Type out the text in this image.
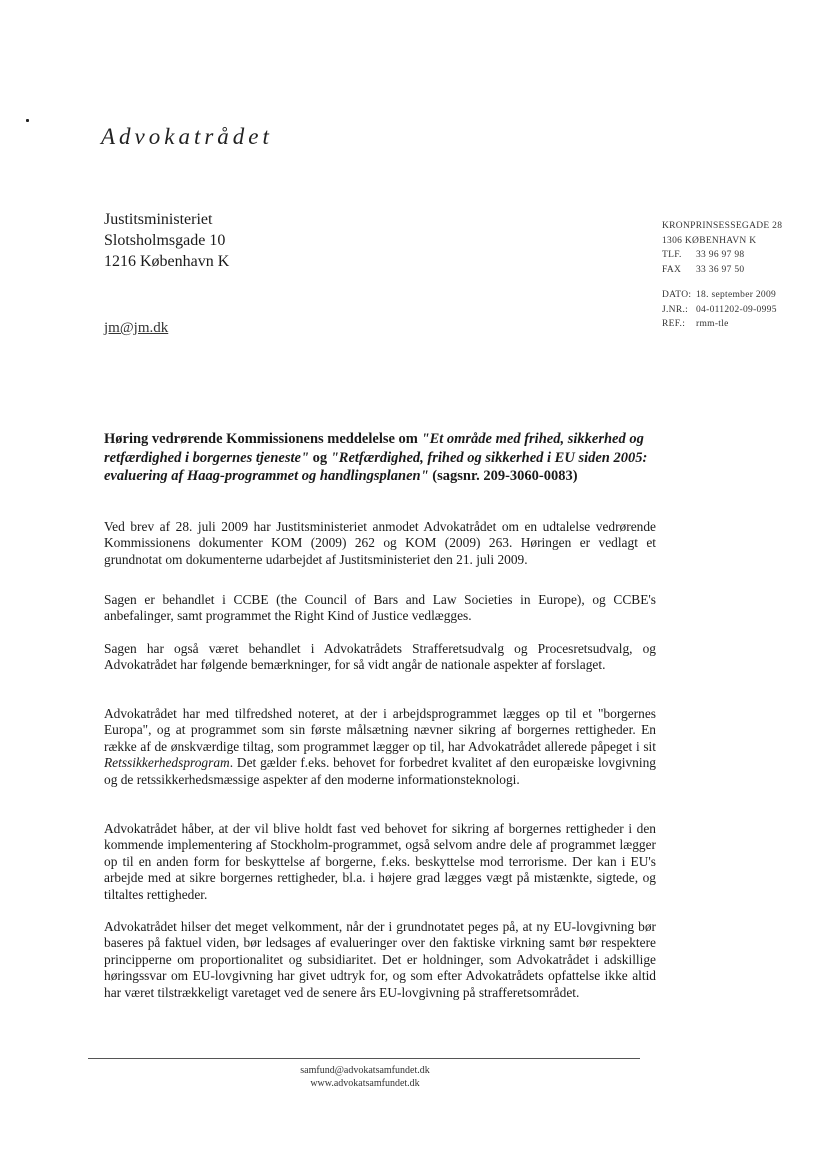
Advokatrådet
Justitsministeriet
Slotsholmsgade 10
1216 København K
jm@jm.dk
KRONPRINSESSEGADE 28
1306 KØBENHAVN K
TLF. 33 96 97 98
FAX 33 36 97 50
DATO: 18. september 2009
J.NR.: 04-011202-09-0995
REF.: rmm-tle
Høring vedrørende Kommissionens meddelelse om "Et område med frihed, sikkerhed og retfærdighed i borgernes tjeneste" og "Retfærdighed, frihed og sikkerhed i EU siden 2005: evaluering af Haag-programmet og handlingsplanen" (sagsnr. 209-3060-0083)

Ved brev af 28. juli 2009 har Justitsministeriet anmodet Advokatrådet om en udtalelse vedrørende Kommissionens dokumenter KOM (2009) 262 og KOM (2009) 263. Høringen er vedlagt et grundnotat om dokumenterne udarbejdet af Justitsministeriet den 21. juli 2009.

Sagen er behandlet i CCBE (the Council of Bars and Law Societies in Europe), og CCBE's anbefalinger, samt programmet the Right Kind of Justice vedlægges.

Sagen har også været behandlet i Advokatrådets Strafferetsudvalg og Procesretsudvalg, og Advokatrådet har følgende bemærkninger, for så vidt angår de nationale aspekter af forslaget.

Advokatrådet har med tilfredshed noteret, at der i arbejdsprogrammet lægges op til et "borgernes Europa", og at programmet som sin første målsætning nævner sikring af borgernes rettigheder. En række af de ønskværdige tiltag, som programmet lægger op til, har Advokatrådet allerede påpeget i sit Retssikkerhedsprogram. Det gælder f.eks. behovet for forbedret kvalitet af den europæiske lovgivning og de retssikkerhedsmæssige aspekter af den moderne informationsteknologi.

Advokatrådet håber, at der vil blive holdt fast ved behovet for sikring af borgernes rettigheder i den kommende implementering af Stockholm-programmet, også selvom andre dele af programmet lægger op til en anden form for beskyttelse af borgerne, f.eks. beskyttelse mod terrorisme. Der kan i EU's arbejde med at sikre borgernes rettigheder, bl.a. i højere grad lægges vægt på mistænkte, sigtede, og tiltaltes rettigheder.

Advokatrådet hilser det meget velkomment, når der i grundnotatet peges på, at ny EU-lovgivning bør baseres på faktuel viden, bør ledsages af evalueringer over den faktiske virkning samt bør respektere principperne om proportionalitet og subsidiaritet. Det er holdninger, som Advokatrådet i adskillige høringssvar om EU-lovgivning har givet udtryk for, og som efter Advokatrådets opfattelse ikke altid har været tilstrækkeligt varetaget ved de senere års EU-lovgivning på strafferetsområdet.

samfund@advokatsamfundet.dk
www.advokatsamfundet.dk
